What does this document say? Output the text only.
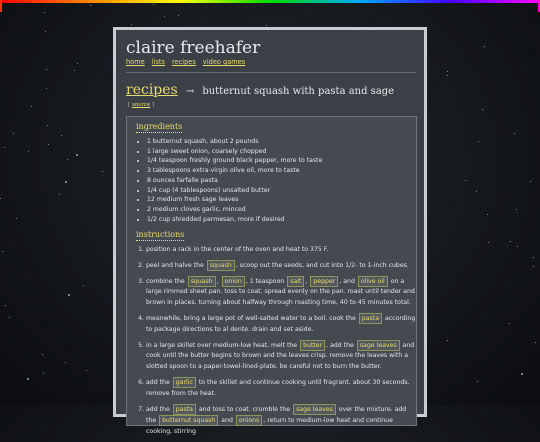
claire freehafer
home lists recipes video games
recipes → butternut squash with pasta and sage
[ source ]
ingredients
• 1 butternut squash, about 2 pounds
• 1 large sweet onion, coarsely chopped
• 1/4 teaspoon freshly ground black pepper, more to taste
• 3 tablespoons extra-virgin olive oil, more to taste
• 8 ounces farfalle pasta
• 1/4 cup (4 tablespoons) unsalted butter
• 12 medium fresh sage leaves
• 2 medium cloves garlic, minced
• 1/2 cup shredded parmesan, more if desired
instructions
1. position a rack in the center of the oven and heat to 375 F.
2. peel and halve the squash , scoop out the seeds, and cut into 1/2- to 1-inch cubes.
3. combine the squash , onion , 1 teaspoon salt , pepper , and olive oil on a large rimmed sheet pan. toss to coat. spread evenly on the pan. roast until tender and brown in places, turning about halfway through roasting time, 40 to 45 minutes total.
4. meanwhile, bring a large pot of well-salted water to a boil. cook the pasta according to package directions to al dente. drain and set aside.
5. in a large skillet over medium-low heat, melt the butter , add the sage leaves and cook until the butter begins to brown and the leaves crisp. remove the leaves with a slotted spoon to a paper-towel-lined-plate. be careful not to burn the butter.
6. add the garlic to the skillet and continue cooking until fragrant, about 30 seconds. remove from the heat.
7. add the pasta and toss to coat. crumble the sage leaves over the mixture. add the butternut squash and onions , return to medium-low heat and continue cooking, stirring
